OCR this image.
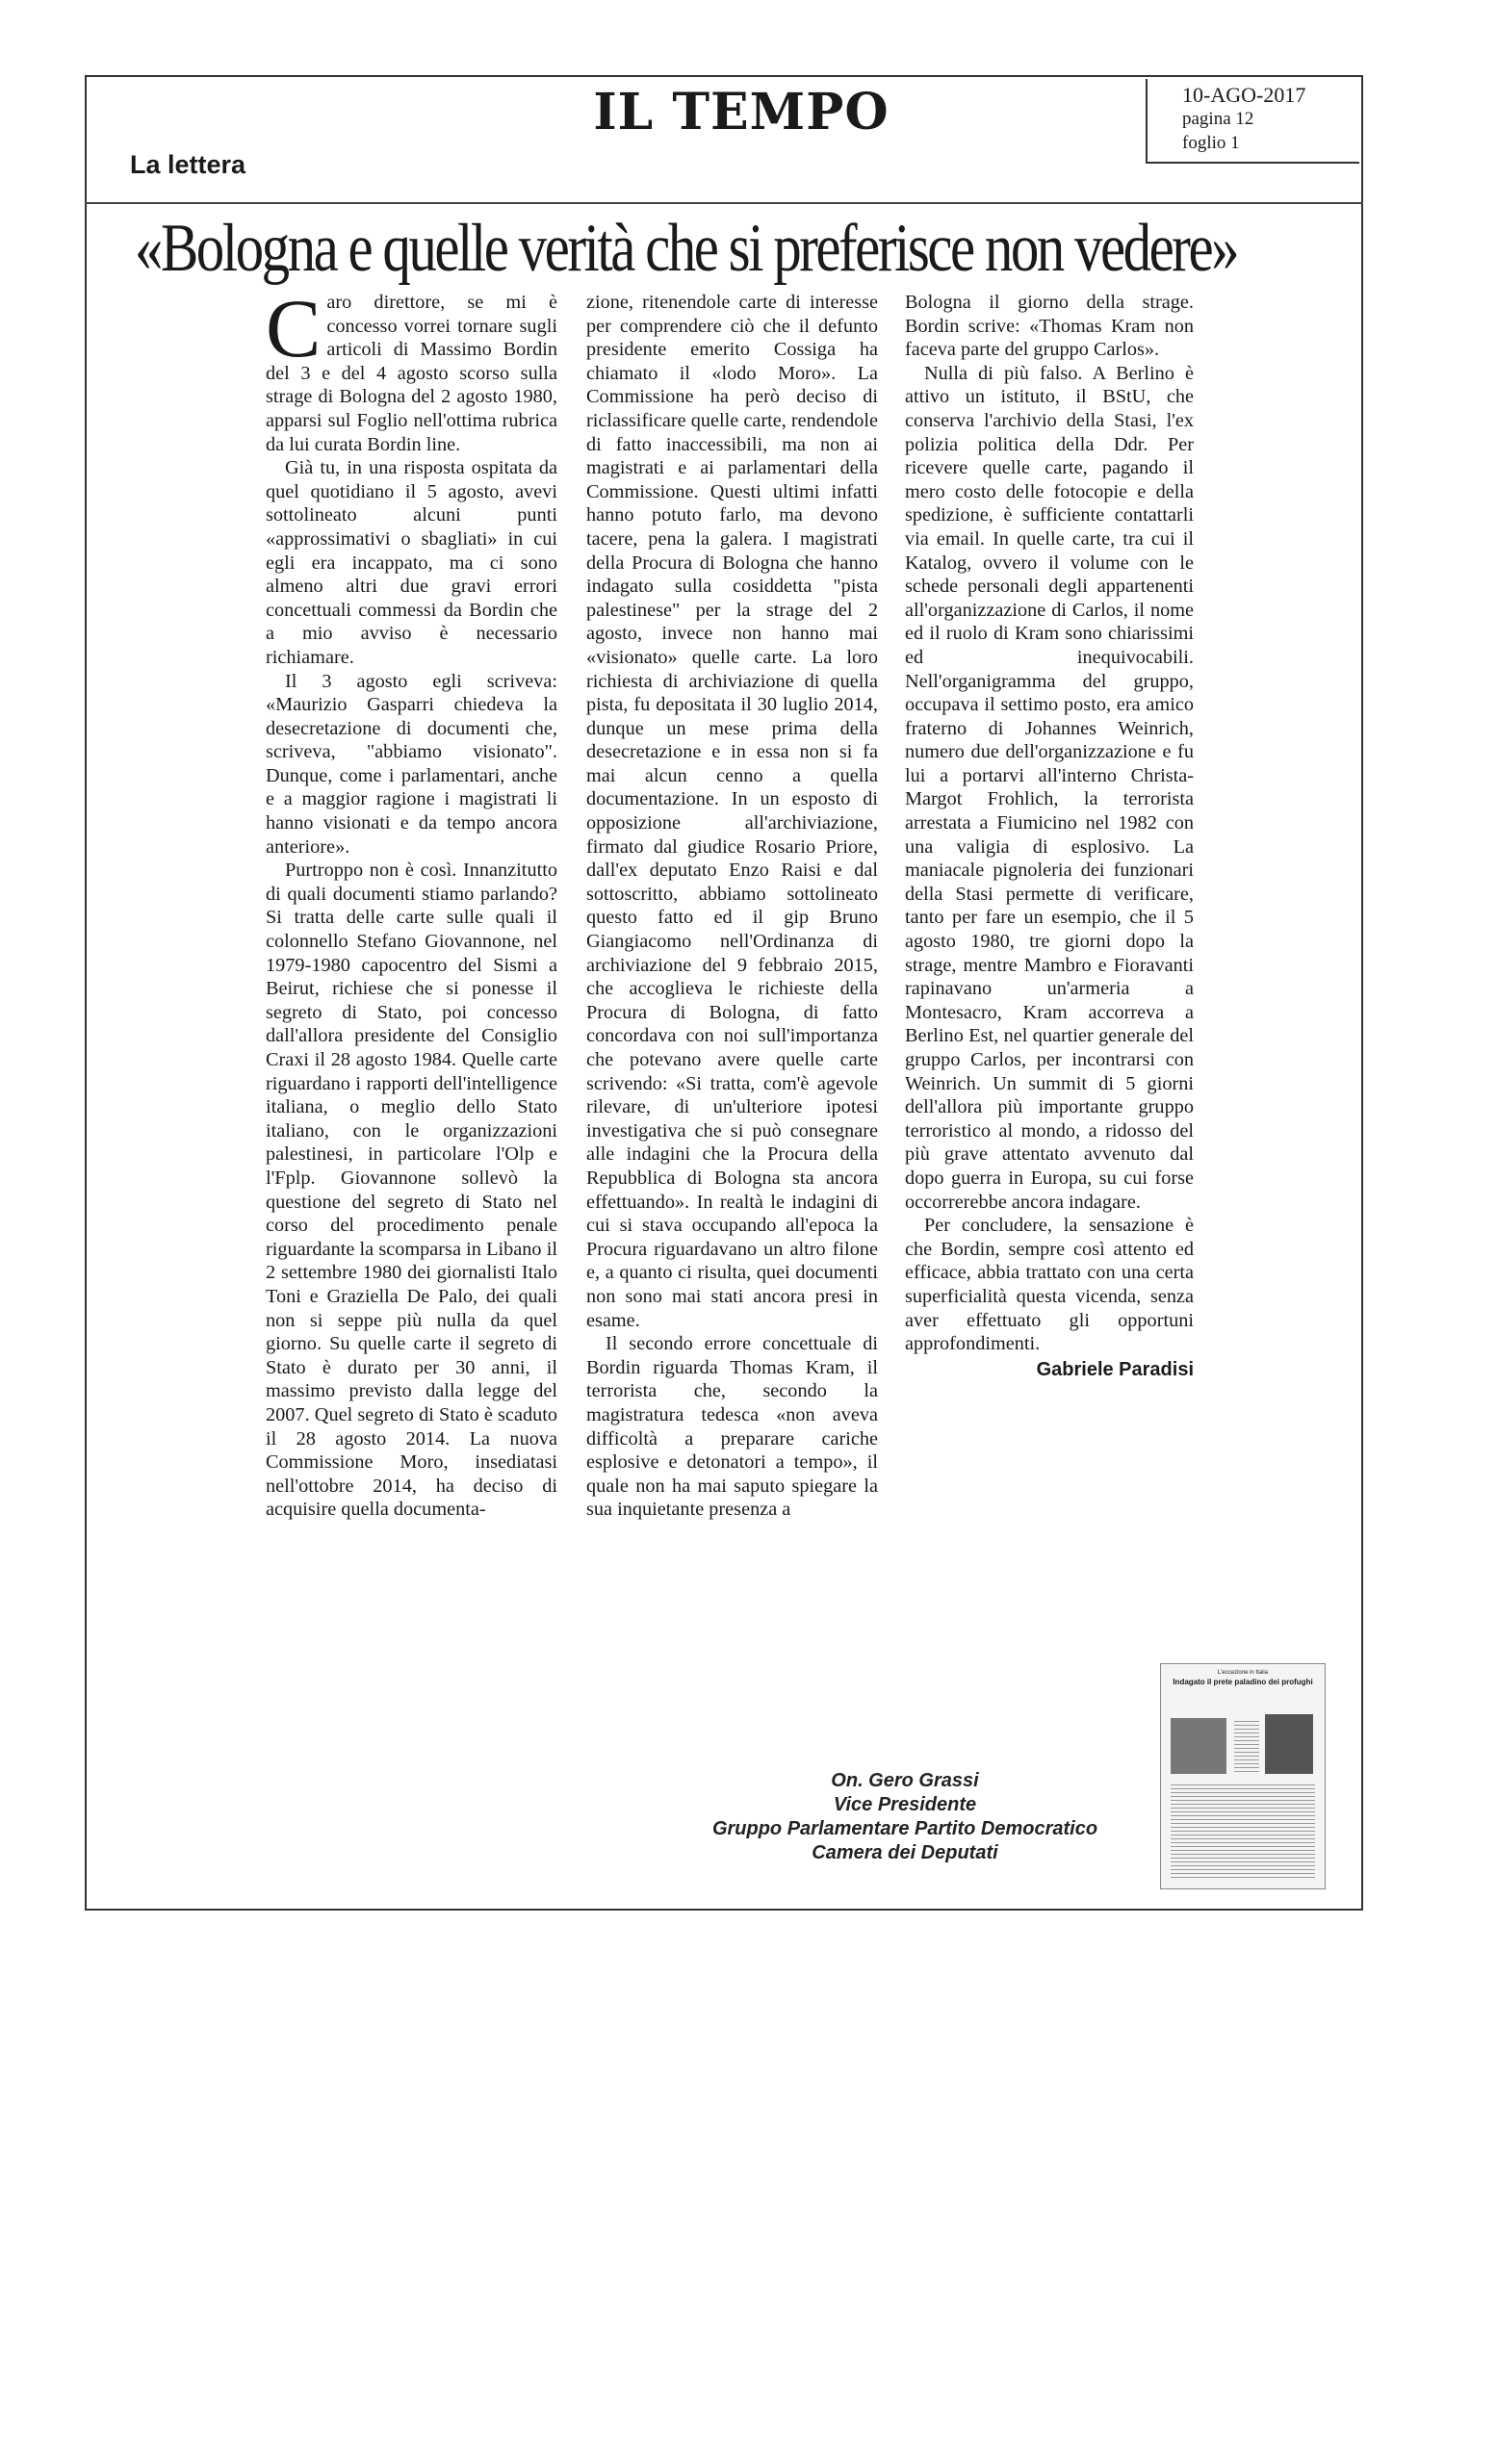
IL TEMPO	10-AGO-2017
pagina 12
foglio 1
La lettera
«Bologna e quelle verità che si preferisce non vedere»
C aro direttore, se mi è concesso vorrei tornare sugli articoli di Massimo Bordin del 3 e del 4 agosto scorso sulla strage di Bologna del 2 agosto 1980, apparsi sul Foglio nell'ottima rubrica da lui curata Bordin line.

Già tu, in una risposta ospitata da quel quotidiano il 5 agosto, avevi sottolineato alcuni punti «approssimativi o sbagliati» in cui egli era incappato, ma ci sono almeno altri due gravi errori concettuali commessi da Bordin che a mio avviso è necessario richiamare.

Il 3 agosto egli scriveva: «Maurizio Gasparri chiedeva la desecretazione di documenti che, scriveva, "abbiamo visionato". Dunque, come i parlamentari, anche e a maggior ragione i magistrati li hanno visionati e da tempo ancora anteriore».

Purtroppo non è così. Innanzitutto di quali documenti stiamo parlando? Si tratta delle carte sulle quali il colonnello Stefano Giovannone, nel 1979-1980 capocentro del Sismi a Beirut, richiese che si ponesse il segreto di Stato, poi concesso dall'allora presidente del Consiglio Craxi il 28 agosto 1984. Quelle carte riguardano i rapporti dell'intelligence italiana, o meglio dello Stato italiano, con le organizzazioni palestinesi, in particolare l'Olp e l'Fplp. Giovannone sollevò la questione del segreto di Stato nel corso del procedimento penale riguardante la scomparsa in Libano il 2 settembre 1980 dei giornalisti Italo Toni e Graziella De Palo, dei quali non si seppe più nulla da quel giorno. Su quelle carte il segreto di Stato è durato per 30 anni, il massimo previsto dalla legge del 2007. Quel segreto di Stato è scaduto il 28 agosto 2014. La nuova Commissione Moro, insediatasi nell'ottobre 2014, ha deciso di acquisire quella documenta-

zione, ritenendole carte di interesse per comprendere ciò che il defunto presidente emerito Cossiga ha chiamato il «lodo Moro». La Commissione ha però deciso di riclassificare quelle carte, rendendole di fatto inaccessibili, ma non ai magistrati e ai parlamentari della Commissione. Questi ultimi infatti hanno potuto farlo, ma devono tacere, pena la galera. I magistrati della Procura di Bologna che hanno indagato sulla cosiddetta "pista palestinese" per la strage del 2 agosto, invece non hanno mai «visionato» quelle carte. La loro richiesta di archiviazione di quella pista, fu depositata il 30 luglio 2014, dunque un mese prima della desecretazione e in essa non si fa mai alcun cenno a quella documentazione. In un esposto di opposizione all'archiviazione, firmato dal giudice Rosario Priore, dall'ex deputato Enzo Raisi e dal sottoscritto, abbiamo sottolineato questo fatto ed il gip Bruno Giangiacomo nell'Ordinanza di archiviazione del 9 febbraio 2015, che accoglieva le richieste della Procura di Bologna, di fatto concordava con noi sull'importanza che potevano avere quelle carte scrivendo: «Si tratta, com'è agevole rilevare, di un'ulteriore ipotesi investigativa che si può consegnare alle indagini che la Procura della Repubblica di Bologna sta ancora effettuando». In realtà le indagini di cui si stava occupando all'epoca la Procura riguardavano un altro filone e, a quanto ci risulta, quei documenti non sono mai stati ancora presi in esame.

Il secondo errore concettuale di Bordin riguarda Thomas Kram, il terrorista che, secondo la magistratura tedesca «non aveva difficoltà a preparare cariche esplosive e detonatori a tempo», il quale non ha mai saputo spiegare la sua inquietante presenza a

Bologna il giorno della strage. Bordin scrive: «Thomas Kram non faceva parte del gruppo Carlos».

Nulla di più falso. A Berlino è attivo un istituto, il BStU, che conserva l'archivio della Stasi, l'ex polizia politica della Ddr. Per ricevere quelle carte, pagando il mero costo delle fotocopie e della spedizione, è sufficiente contattarli via email. In quelle carte, tra cui il Katalog, ovvero il volume con le schede personali degli appartenenti all'organizzazione di Carlos, il nome ed il ruolo di Kram sono chiarissimi ed inequivocabili. Nell'organigramma del gruppo, occupava il settimo posto, era amico fraterno di Johannes Weinrich, numero due dell'organizzazione e fu lui a portarvi all'interno Christa-Margot Frohlich, la terrorista arrestata a Fiumicino nel 1982 con una valigia di esplosivo. La maniacale pignoleria dei funzionari della Stasi permette di verificare, tanto per fare un esempio, che il 5 agosto 1980, tre giorni dopo la strage, mentre Mambro e Fioravanti rapinavano un'armeria a Montesacro, Kram accorreva a Berlino Est, nel quartier generale del gruppo Carlos, per incontrarsi con Weinrich. Un summit di 5 giorni dell'allora più importante gruppo terroristico al mondo, a ridosso del più grave attentato avvenuto dal dopo guerra in Europa, su cui forse occorrerebbe ancora indagare.

Per concludere, la sensazione è che Bordin, sempre così attento ed efficace, abbia trattato con una certa superficialità questa vicenda, senza aver effettuato gli opportuni approfondimenti.

Gabriele Paradisi
On. Gero Grassi
Vice Presidente
Gruppo Parlamentare Partito Democratico
Camera dei Deputati
L'eccezione in Italia
Indagato il prete paladino dei profughi
